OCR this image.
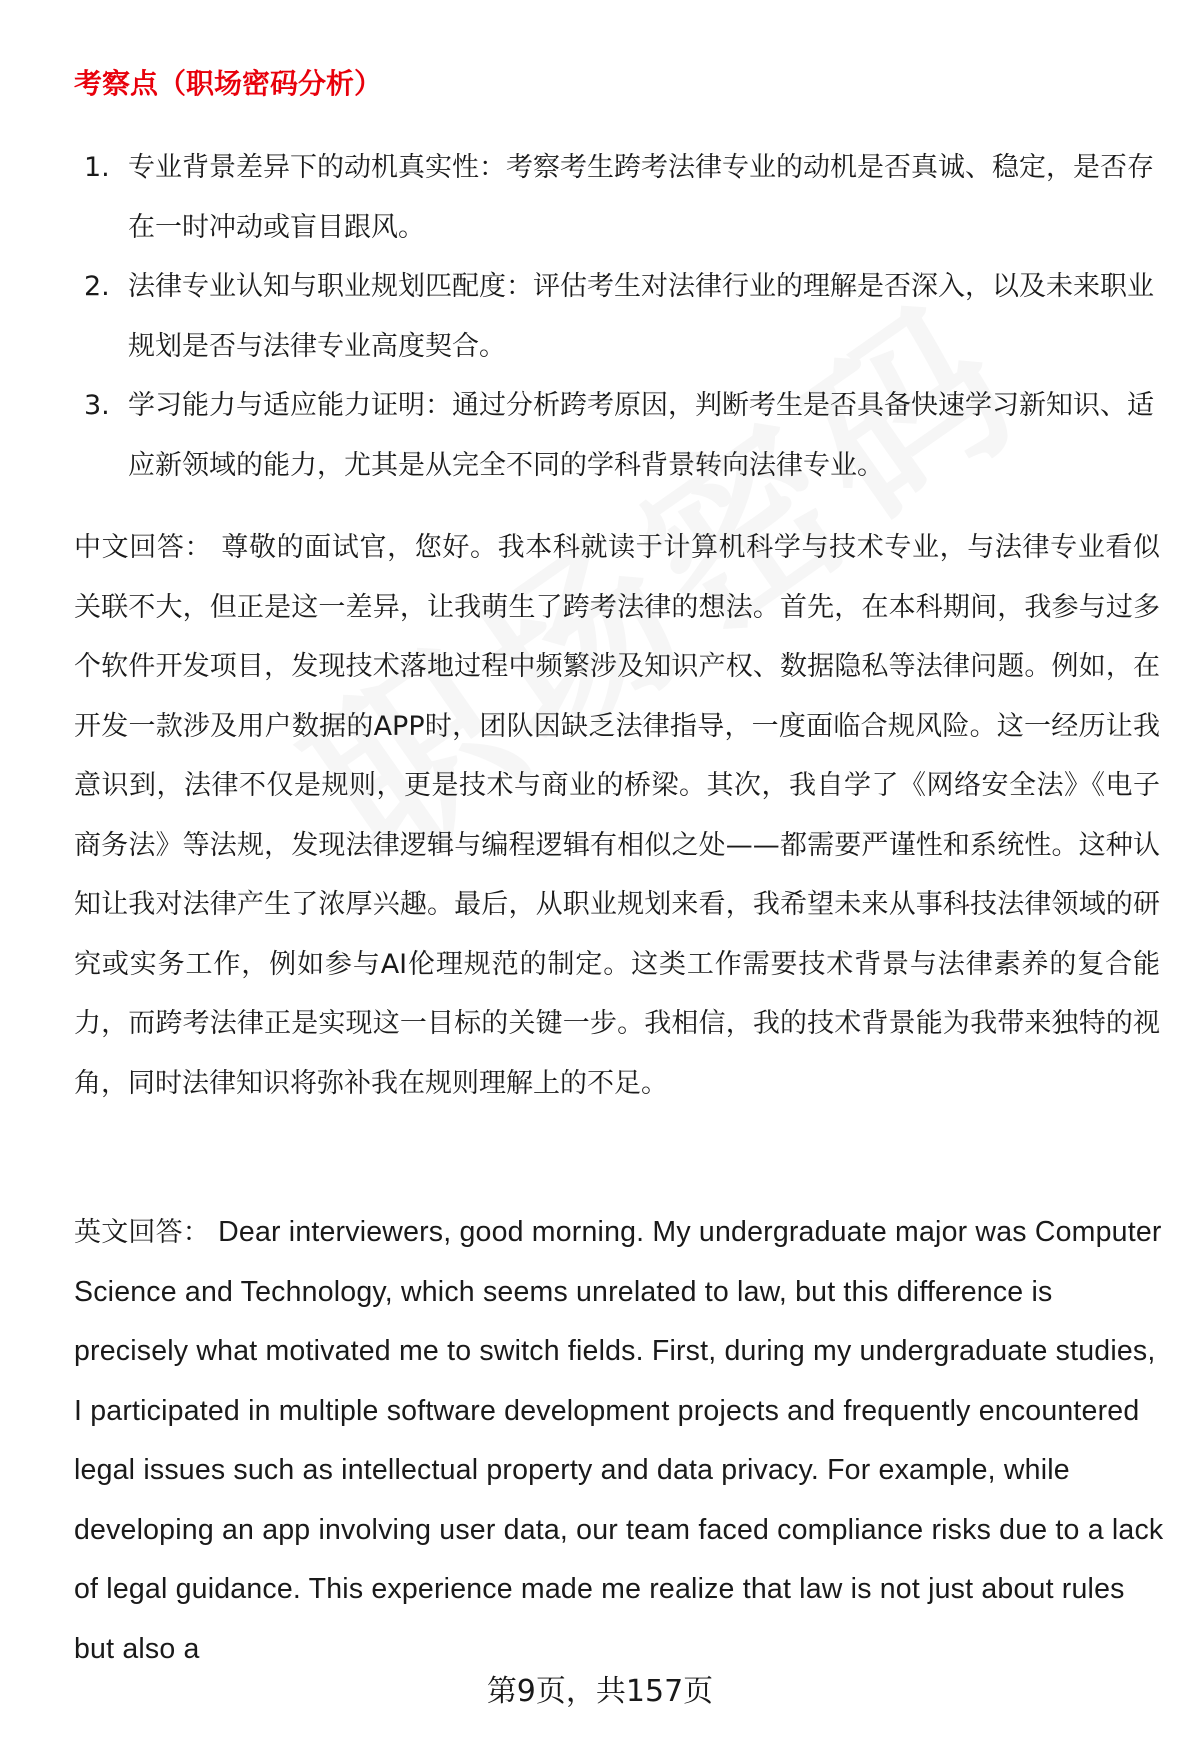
考察点（职场密码分析）
1. 专业背景差异下的动机真实性：考察考生跨考法律专业的动机是否真诚、稳定，是否存在一时冲动或盲目跟风。
2. 法律专业认知与职业规划匹配度：评估考生对法律行业的理解是否深入，以及未来职业规划是否与法律专业高度契合。
3. 学习能力与适应能力证明：通过分析跨考原因，判断考生是否具备快速学习新知识、适应新领域的能力，尤其是从完全不同的学科背景转向法律专业。

中文回答： 尊敬的面试官，您好。我本科就读于计算机科学与技术专业，与法律专业看似关联不大，但正是这一差异，让我萌生了跨考法律的想法。首先，在本科期间，我参与过多个软件开发项目，发现技术落地过程中频繁涉及知识产权、数据隐私等法律问题。例如，在开发一款涉及用户数据的APP时，团队因缺乏法律指导，一度面临合规风险。这一经历让我意识到，法律不仅是规则，更是技术与商业的桥梁。其次，我自学了《网络安全法》《电子商务法》等法规，发现法律逻辑与编程逻辑有相似之处——都需要严谨性和系统性。这种认知让我对法律产生了浓厚兴趣。最后，从职业规划来看，我希望未来从事科技法律领域的研究或实务工作，例如参与AI伦理规范的制定。这类工作需要技术背景与法律素养的复合能力，而跨考法律正是实现这一目标的关键一步。我相信，我的技术背景能为我带来独特的视角，同时法律知识将弥补我在规则理解上的不足。

英文回答： Dear interviewers, good morning. My undergraduate major was Computer Science and Technology, which seems unrelated to law, but this difference is precisely what motivated me to switch fields. First, during my undergraduate studies, I participated in multiple software development projects and frequently encountered legal issues such as intellectual property and data privacy. For example, while developing an app involving user data, our team faced compliance risks due to a lack of legal guidance. This experience made me realize that law is not just about rules but also a

第9页，共157页
